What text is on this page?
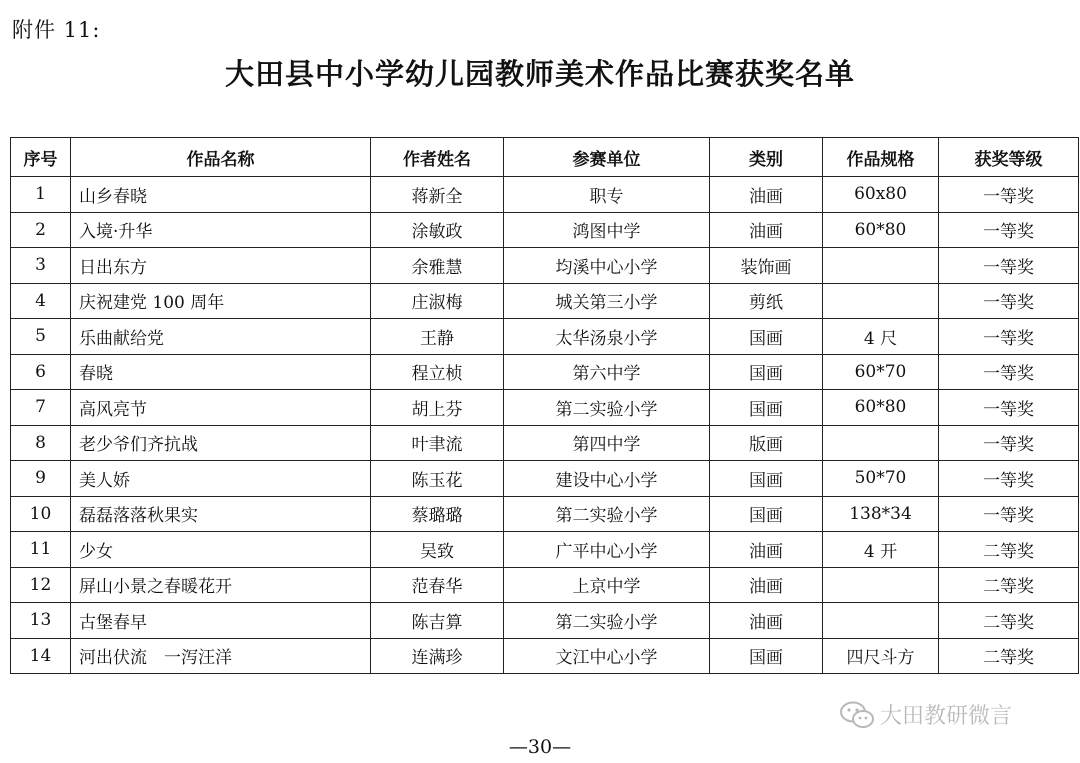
附件 11:
大田县中小学幼儿园教师美术作品比赛获奖名单
序号	作品名称	作者姓名	参赛单位	类别	作品规格	获奖等级
1	山乡春晓	蒋新全	职专	油画	60x80	一等奖
2	入境·升华	涂敏政	鸿图中学	油画	60*80	一等奖
3	日出东方	余雅慧	均溪中心小学	装饰画		一等奖
4	庆祝建党 100 周年	庄淑梅	城关第三小学	剪纸		一等奖
5	乐曲献给党	王静	太华汤泉小学	国画	4 尺	一等奖
6	春晓	程立桢	第六中学	国画	60*70	一等奖
7	高风亮节	胡上芬	第二实验小学	国画	60*80	一等奖
8	老少爷们齐抗战	叶聿流	第四中学	版画		一等奖
9	美人娇	陈玉花	建设中心小学	国画	50*70	一等奖
10	磊磊落落秋果实	蔡璐璐	第二实验小学	国画	138*34	一等奖
11	少女	吴致	广平中心小学	油画	4 开	二等奖
12	屏山小景之春暖花开	范春华	上京中学	油画		二等奖
13	古堡春早	陈吉算	第二实验小学	油画		二等奖
14	河出伏流　一泻汪洋	连满珍	文江中心小学	国画	四尺斗方	二等奖
大田教研微言
—30—
